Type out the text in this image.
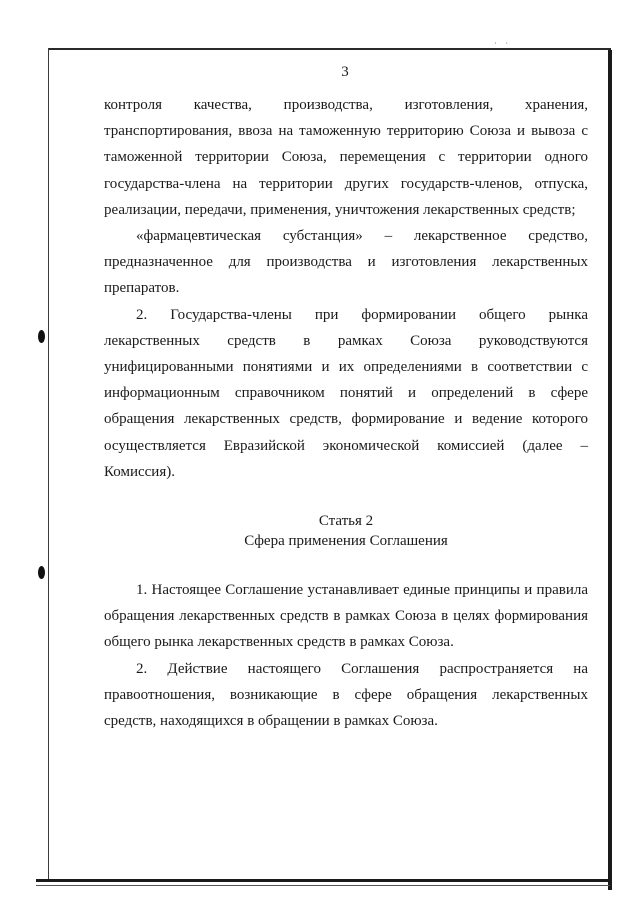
· ·
3

контроля качества, производства, изготовления, хранения, транспортирования, ввоза на таможенную территорию Союза и вывоза с таможенной территории Союза, перемещения с территории одного государства-члена на территории других государств-членов, отпуска, реализации, передачи, применения, уничтожения лекарственных средств;

«фармацевтическая субстанция» – лекарственное средство, предназначенное для производства и изготовления лекарственных препаратов.

2. Государства-члены при формировании общего рынка лекарственных средств в рамках Союза руководствуются унифицированными понятиями и их определениями в соответствии с информационным справочником понятий и определений в сфере обращения лекарственных средств, формирование и ведение которого осуществляется Евразийской экономической комиссией (далее – Комиссия).

Статья 2
Сфера применения Соглашения

1. Настоящее Соглашение устанавливает единые принципы и правила обращения лекарственных средств в рамках Союза в целях формирования общего рынка лекарственных средств в рамках Союза.

2. Действие настоящего Соглашения распространяется на правоотношения, возникающие в сфере обращения лекарственных средств, находящихся в обращении в рамках Союза.
